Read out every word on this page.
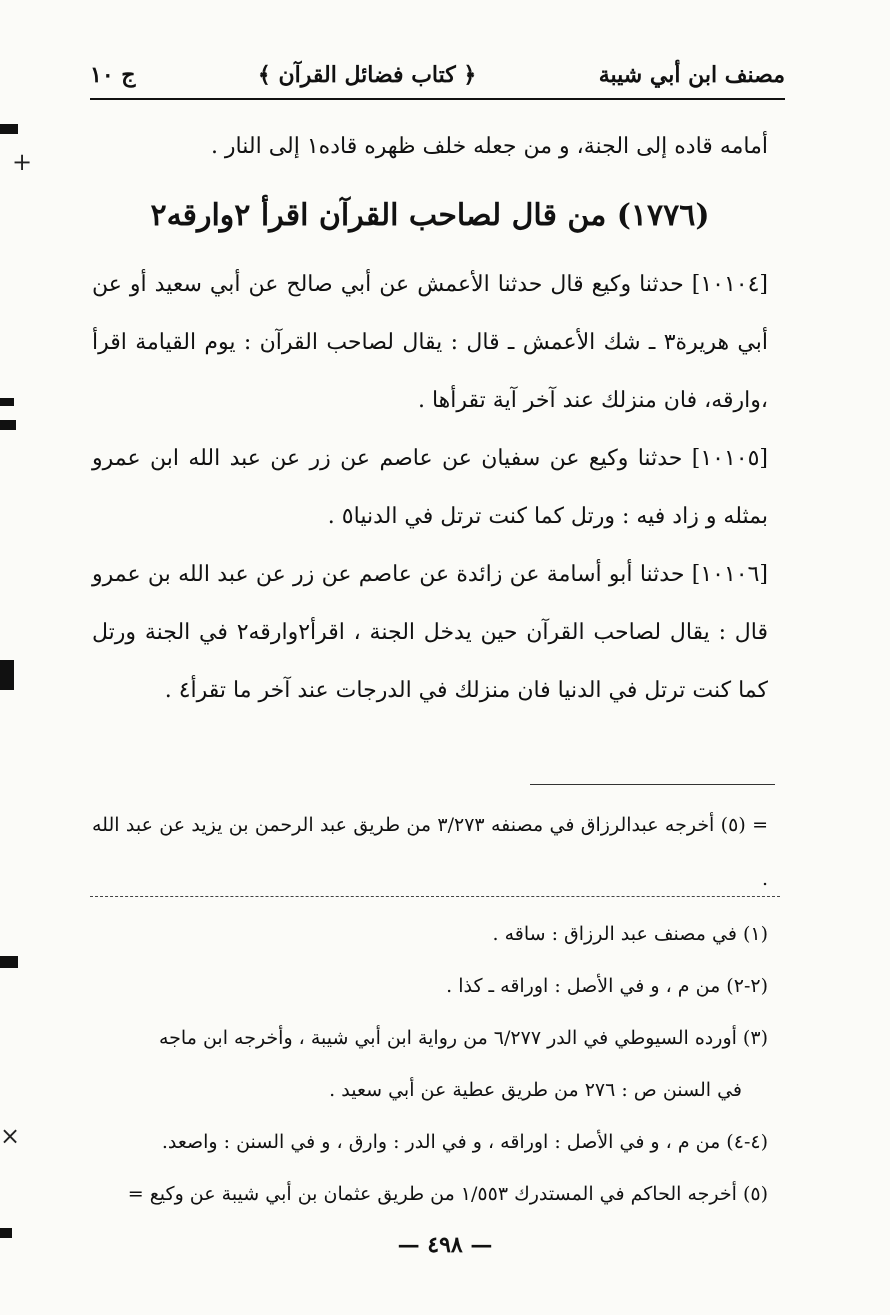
مصنف ابن أبي شيبة
﴿ كتاب فضائل القرآن ﴾
ج ١٠

أمامه قاده إلى الجنة، و من جعله خلف ظهره قاده١ إلى النار .

(١٧٧٦) من قال لصاحب القرآن اقرأ ٢وارقه٢

[١٠١٠٤] حدثنا وكيع قال حدثنا الأعمش عن أبي صالح عن أبي سعيد أو عن أبي هريرة٣ ـ شك الأعمش ـ قال : يقال لصاحب القرآن : يوم القيامة اقرأ ،وارقه، فان منزلك عند آخر آية تقرأها .

[١٠١٠٥] حدثنا وكيع عن سفيان عن عاصم عن زر عن عبد الله ابن عمرو بمثله و زاد فيه : ورتل كما كنت ترتل في الدنيا٥ .

[١٠١٠٦] حدثنا أبو أسامة عن زائدة عن عاصم عن زر عن عبد الله بن عمرو قال : يقال لصاحب القرآن حين يدخل الجنة ، اقرأ٢وارقه٢ في الجنة ورتل كما كنت ترتل في الدنيا فان منزلك في الدرجات عند آخر ما تقرأ٤ .

= (٥) أخرجه عبدالرزاق في مصنفه ٣/٢٧٣ من طريق عبد الرحمن بن يزيد عن عبد الله .

(١) في مصنف عبد الرزاق : ساقه .

(٢-٢) من م ، و في الأصل : اوراقه ـ كذا .

(٣) أورده السيوطي في الدر ٦/٢٧٧ من رواية ابن أبي شيبة ، وأخرجه ابن ماجه

في السنن ص : ٢٧٦ من طريق عطية عن أبي سعيد .

(٤-٤) من م ، و في الأصل : اوراقه ، و في الدر : وارق ، و في السنن : واصعد.

(٥) أخرجه الحاكم في المستدرك ١/٥٥٣ من طريق عثمان بن أبي شيبة عن وكيع =

— ٤٩٨ —
+
×
